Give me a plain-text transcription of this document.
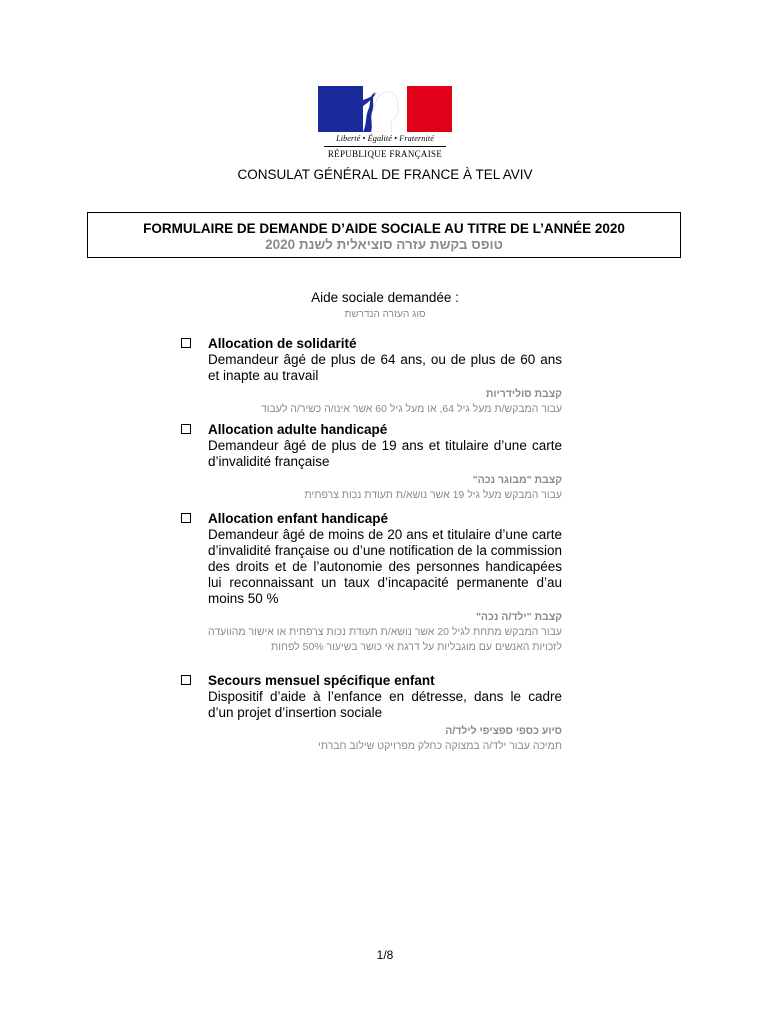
Liberté • Égalité • Fraternité
RÉPUBLIQUE FRANÇAISE
CONSULAT GÉNÉRAL DE FRANCE À TEL AVIV
FORMULAIRE DE DEMANDE D’AIDE SOCIALE AU TITRE DE L’ANNÉE 2020
טופס בקשת עזרה סוציאלית לשנת 2020
Aide sociale demandée :
סוג העזרה הנדרשת
Allocation de solidarité
Demandeur âgé de plus de 64 ans, ou de plus de 60 ans et inapte au travail
קצבת סולידריות
עבור המבקש/ת מעל גיל 64, או מעל גיל 60 אשר אינו/ה כשיר/ה לעבוד
Allocation adulte handicapé
Demandeur âgé de plus de 19 ans et titulaire d’une carte d’invalidité française
קצבת "מבוגר נכה"
עבור המבקש מעל גיל 19 אשר נושא/ת תעודת נכות צרפתית
Allocation enfant handicapé
Demandeur âgé de moins de 20 ans et titulaire d’une carte d’invalidité française ou d’une notification de la commission des droits et de l’autonomie des personnes handicapées lui reconnaissant un taux d’incapacité permanente d’au moins 50 %
קצבת "ילד/ה נכה"
עבור המבקש מתחת לגיל 20 אשר נושא/ת תעודת נכות צרפתית או אישור מהוועדה לזכויות האנשים עם מוגבליות על דרגת אי כושר בשיעור 50% לפחות
Secours mensuel spécifique enfant
Dispositif d’aide à l’enfance en détresse, dans le cadre d’un projet d’insertion sociale
סיוע כספי ספציפי לילד/ה
תמיכה עבור ילד/ה במצוקה כחלק מפרויקט שילוב חברתי
1/8
